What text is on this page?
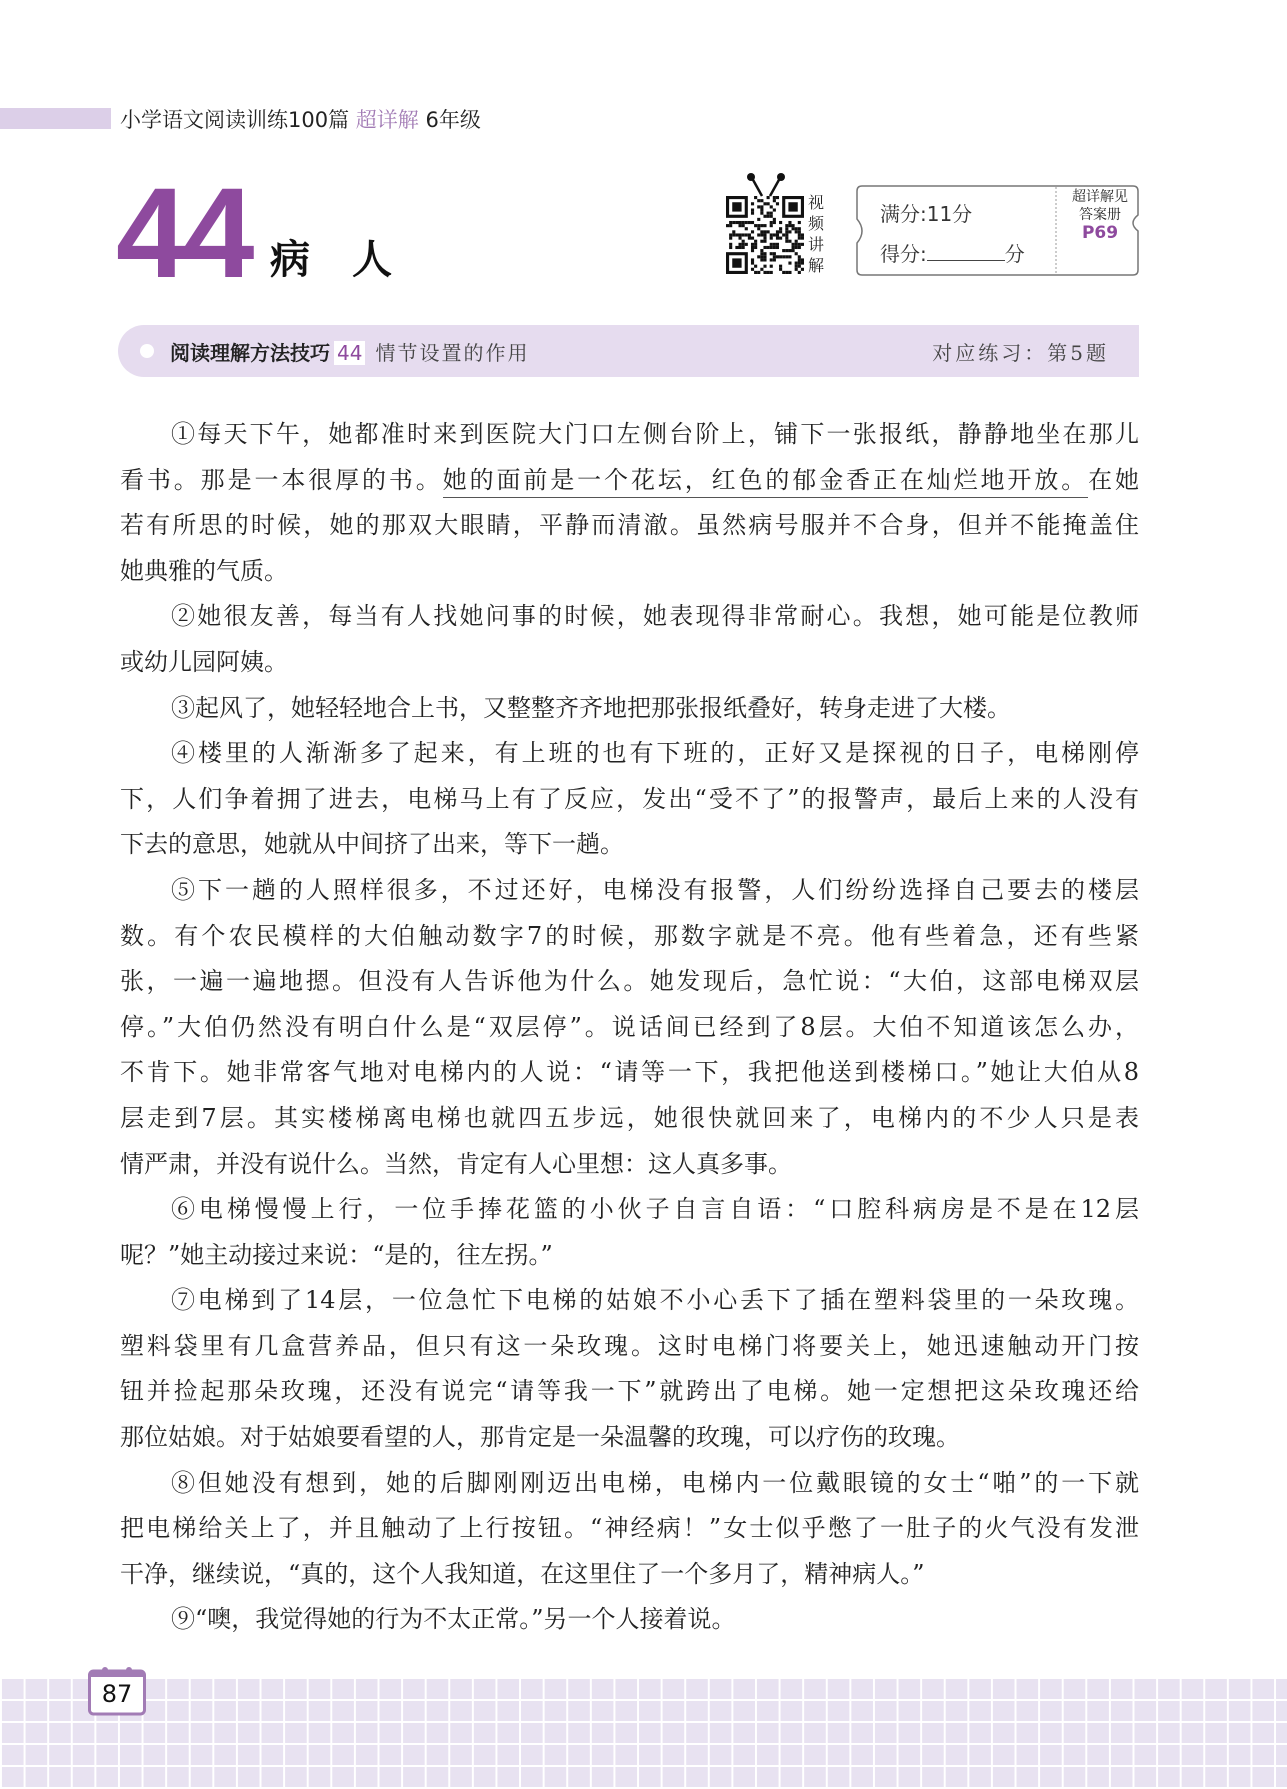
小学语文阅读训练100篇 超详解 6年级
44 病人
视
频
讲
解
满分:11分
得分:	分
超详解见
答案册
P69
阅读理解方法技巧 44 情节设置的作用	对应练习：第5题
①每天下午，她都准时来到医院大门口左侧台阶上，铺下一张报纸，静静地坐在那儿
看书。那是一本很厚的书。她的面前是一个花坛，红色的郁金香正在灿烂地开放。在她
若有所思的时候，她的那双大眼睛，平静而清澈。虽然病号服并不合身，但并不能掩盖住
她典雅的气质。
②她很友善，每当有人找她问事的时候，她表现得非常耐心。我想，她可能是位教师
或幼儿园阿姨。
③起风了，她轻轻地合上书，又整整齐齐地把那张报纸叠好，转身走进了大楼。
④楼里的人渐渐多了起来，有上班的也有下班的，正好又是探视的日子，电梯刚停
下，人们争着拥了进去，电梯马上有了反应，发出“受不了”的报警声，最后上来的人没有
下去的意思，她就从中间挤了出来，等下一趟。
⑤下一趟的人照样很多，不过还好，电梯没有报警，人们纷纷选择自己要去的楼层
数。有个农民模样的大伯触动数字7的时候，那数字就是不亮。他有些着急，还有些紧
张，一遍一遍地摁。但没有人告诉他为什么。她发现后，急忙说：“大伯，这部电梯双层
停。”大伯仍然没有明白什么是“双层停”。说话间已经到了8层。大伯不知道该怎么办，
不肯下。她非常客气地对电梯内的人说：“请等一下，我把他送到楼梯口。”她让大伯从8
层走到7层。其实楼梯离电梯也就四五步远，她很快就回来了，电梯内的不少人只是表
情严肃，并没有说什么。当然，肯定有人心里想：这人真多事。
⑥电梯慢慢上行，一位手捧花篮的小伙子自言自语：“口腔科病房是不是在12层
呢？”她主动接过来说：“是的，往左拐。”
⑦电梯到了14层，一位急忙下电梯的姑娘不小心丢下了插在塑料袋里的一朵玫瑰。
塑料袋里有几盒营养品，但只有这一朵玫瑰。这时电梯门将要关上，她迅速触动开门按
钮并捡起那朵玫瑰，还没有说完“请等我一下”就跨出了电梯。她一定想把这朵玫瑰还给
那位姑娘。对于姑娘要看望的人，那肯定是一朵温馨的玫瑰，可以疗伤的玫瑰。
⑧但她没有想到，她的后脚刚刚迈出电梯，电梯内一位戴眼镜的女士“啪”的一下就
把电梯给关上了，并且触动了上行按钮。“神经病！”女士似乎憋了一肚子的火气没有发泄
干净，继续说，“真的，这个人我知道，在这里住了一个多月了，精神病人。”
⑨“噢，我觉得她的行为不太正常。”另一个人接着说。
87
